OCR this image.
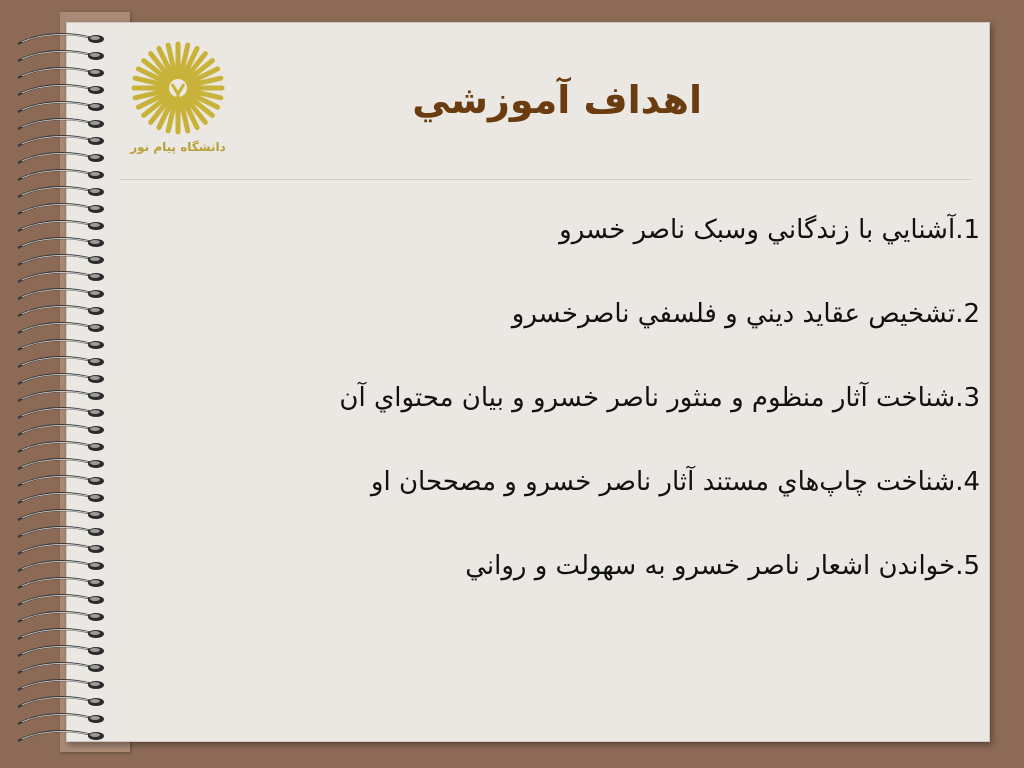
دانشگاه پیام نور
اهداف آموزشي
1.آشنايي با زندگاني وسبک ناصر خسرو
2.تشخيص عقايد ديني و فلسفي ناصرخسرو
3.شناخت آثار منظوم و منثور ناصر خسرو و بيان محتواي آن
4.شناخت چاپ‌هاي مستند آثار ناصر خسرو و مصححان او
5.خواندن اشعار ناصر خسرو به سهولت و رواني
